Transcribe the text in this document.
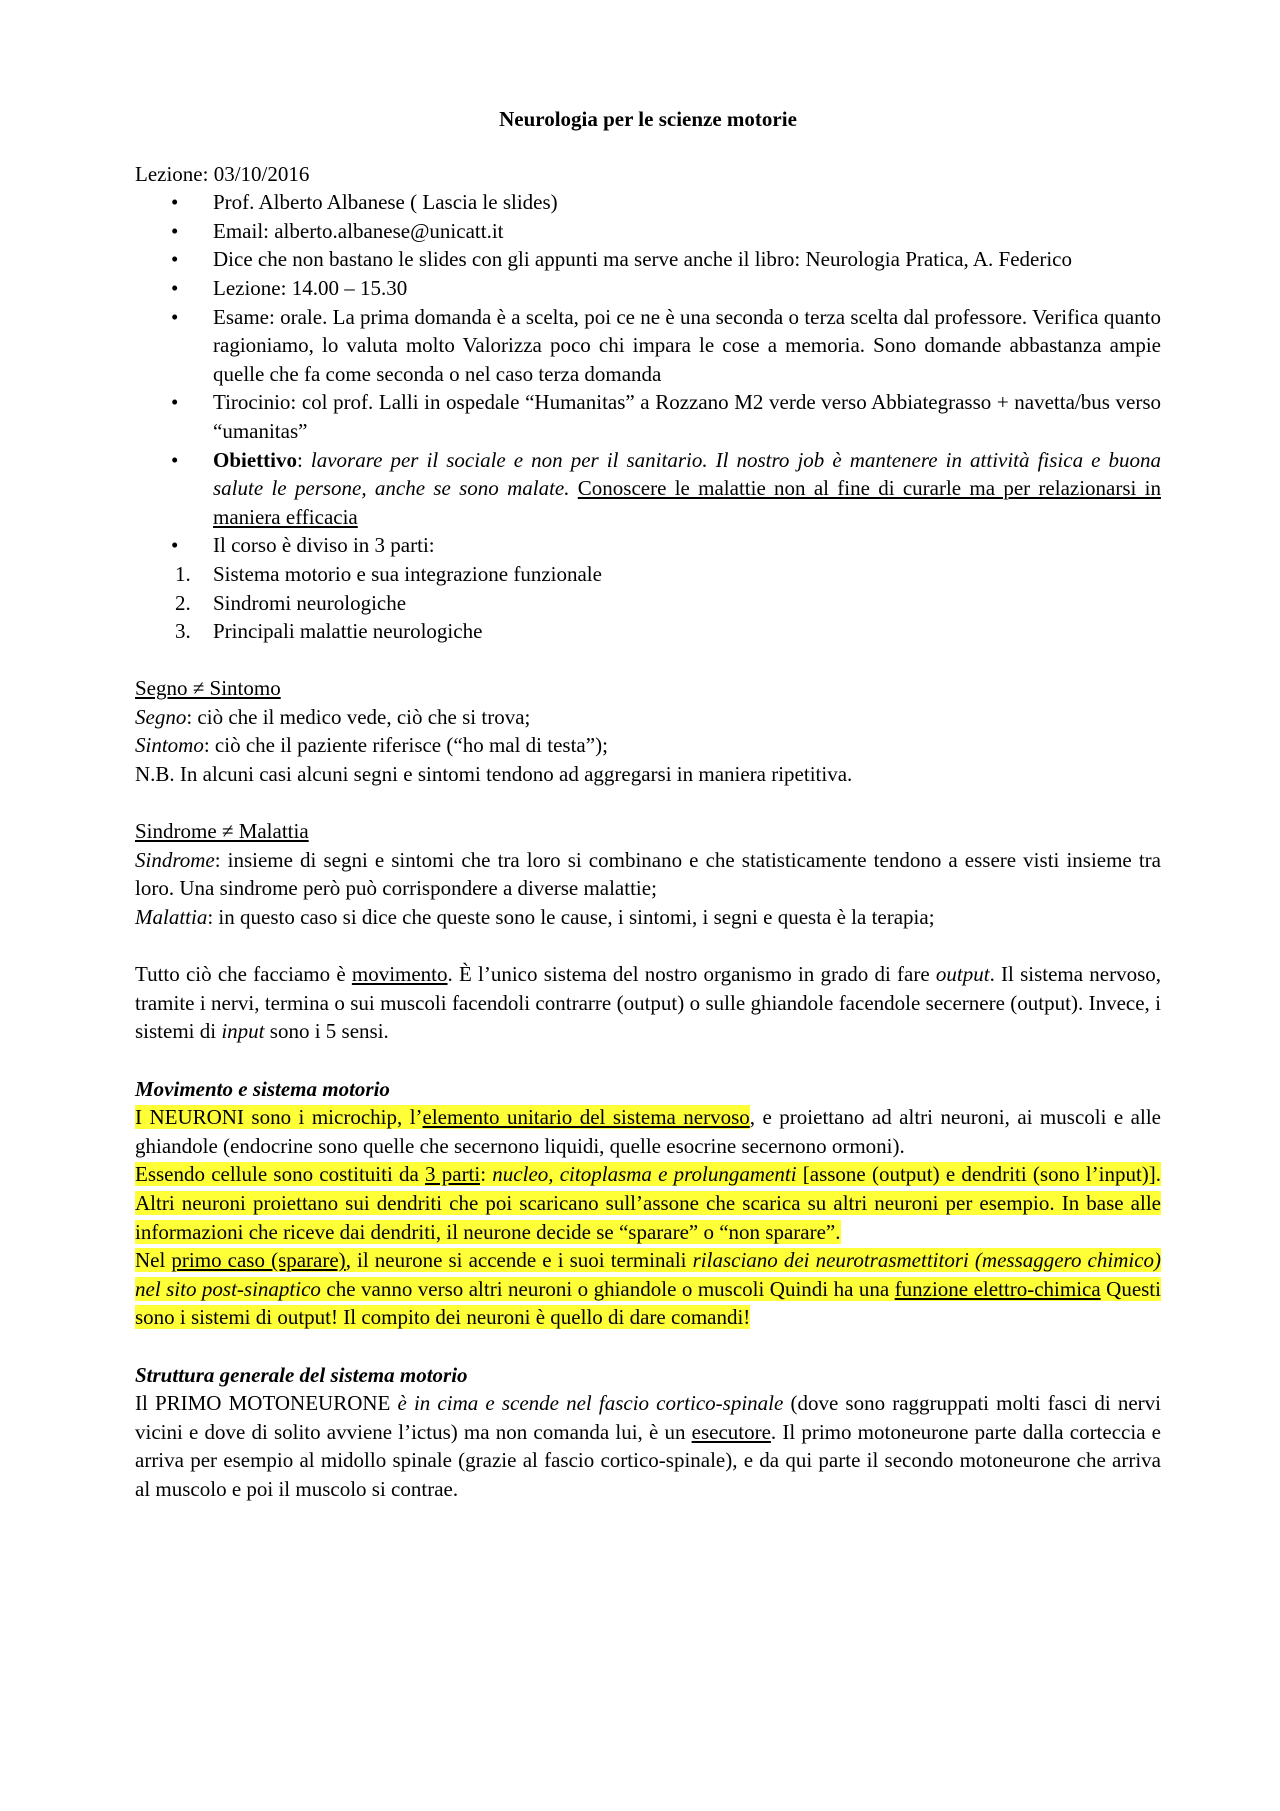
Neurologia per le scienze motorie
Lezione: 03/10/2016
• Prof. Alberto Albanese ( Lascia le slides)
• Email: alberto.albanese@unicatt.it
• Dice che non bastano le slides con gli appunti ma serve anche il libro: Neurologia Pratica, A. Federico
• Lezione: 14.00 – 15.30
• Esame: orale. La prima domanda è a scelta, poi ce ne è una seconda o terza scelta dal professore. Verifica quanto ragioniamo, lo valuta molto Valorizza poco chi impara le cose a memoria. Sono domande abbastanza ampie quelle che fa come seconda o nel caso terza domanda
• Tirocinio: col prof. Lalli in ospedale “Humanitas” a Rozzano M2 verde verso Abbiategrasso + navetta/bus verso “umanitas”
• Obiettivo: lavorare per il sociale e non per il sanitario. Il nostro job è mantenere in attività fisica e buona salute le persone, anche se sono malate. Conoscere le malattie non al fine di curarle ma per relazionarsi in maniera efficacia
• Il corso è diviso in 3 parti:
1. Sistema motorio e sua integrazione funzionale
2. Sindromi neurologiche
3. Principali malattie neurologiche
Segno ≠ Sintomo
Segno: ciò che il medico vede, ciò che si trova;
Sintomo: ciò che il paziente riferisce (“ho mal di testa”);
N.B. In alcuni casi alcuni segni e sintomi tendono ad aggregarsi in maniera ripetitiva.
Sindrome ≠ Malattia
Sindrome: insieme di segni e sintomi che tra loro si combinano e che statisticamente tendono a essere visti insieme tra loro. Una sindrome però può corrispondere a diverse malattie;
Malattia: in questo caso si dice che queste sono le cause, i sintomi, i segni e questa è la terapia;
Tutto ciò che facciamo è movimento. È l’unico sistema del nostro organismo in grado di fare output. Il sistema nervoso, tramite i nervi, termina o sui muscoli facendoli contrarre (output) o sulle ghiandole facendole secernere (output). Invece, i sistemi di input sono i 5 sensi.
Movimento e sistema motorio
I NEURONI sono i microchip, l’elemento unitario del sistema nervoso, e proiettano ad altri neuroni, ai muscoli e alle ghiandole (endocrine sono quelle che secernono liquidi, quelle esocrine secernono ormoni).
Essendo cellule sono costituiti da 3 parti: nucleo, citoplasma e prolungamenti [assone (output) e dendriti (sono l’input)]. Altri neuroni proiettano sui dendriti che poi scaricano sull’assone che scarica su altri neuroni per esempio. In base alle informazioni che riceve dai dendriti, il neurone decide se “sparare” o “non sparare”.
Nel primo caso (sparare), il neurone si accende e i suoi terminali rilasciano dei neurotrasmettitori (messaggero chimico) nel sito post-sinaptico che vanno verso altri neuroni o ghiandole o muscoli Quindi ha una funzione elettro-chimica Questi sono i sistemi di output! Il compito dei neuroni è quello di dare comandi!
Struttura generale del sistema motorio
Il PRIMO MOTONEURONE è in cima e scende nel fascio cortico-spinale (dove sono raggruppati molti fasci di nervi vicini e dove di solito avviene l’ictus) ma non comanda lui, è un esecutore. Il primo motoneurone parte dalla corteccia e arriva per esempio al midollo spinale (grazie al fascio cortico-spinale), e da qui parte il secondo motoneurone che arriva al muscolo e poi il muscolo si contrae.
